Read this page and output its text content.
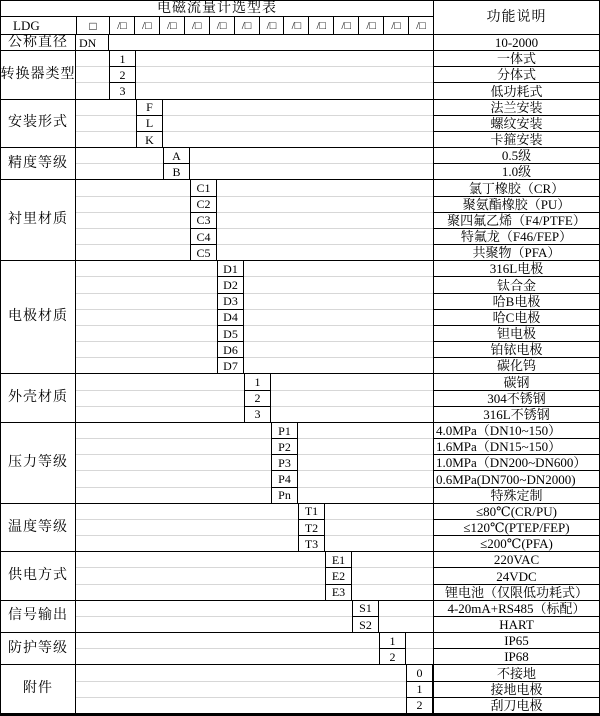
电磁流量计选型表
功能说明
LDG	□	/□	/□	/□	/□	/□	/□	/□	/□	/□	/□	/□	/□	/□
公称直径 DN	10-2000
转换器类型
1	一体式
2	分体式
3	低功耗式
安装形式
F	法兰安装
L	螺纹安装
K	卡箍安装
精度等级
A	0.5级
B	1.0级
衬里材质
C1	氯丁橡胶（CR）
C2	聚氨酯橡胶（PU）
C3	聚四氟乙烯（F4/PTFE）
C4	特氟龙（F46/FEP）
C5	共聚物（PFA）
电极材质
D1	316L电极
D2	钛合金
D3	哈B电极
D4	哈C电极
D5	钽电极
D6	铂铱电极
D7	碳化钨
外壳材质
1	碳钢
2	304不锈钢
3	316L不锈钢
压力等级
P1	4.0MPa（DN10~150）
P2	1.6MPa（DN15~150）
P3	1.0MPa（DN200~DN600）
P4	0.6MPa(DN700~DN2000)
Pn	特殊定制
温度等级
T1	≤80℃(CR/PU)
T2	≤120℃(PTEP/FEP)
T3	≤200℃(PFA)
供电方式
E1	220VAC
E2	24VDC
E3	锂电池（仅限低功耗式）
信号输出
S1	4-20mA+RS485（标配）
S2	HART
防护等级
1	IP65
2	IP68
附件
0	不接地
1	接地电极
2	刮刀电极
